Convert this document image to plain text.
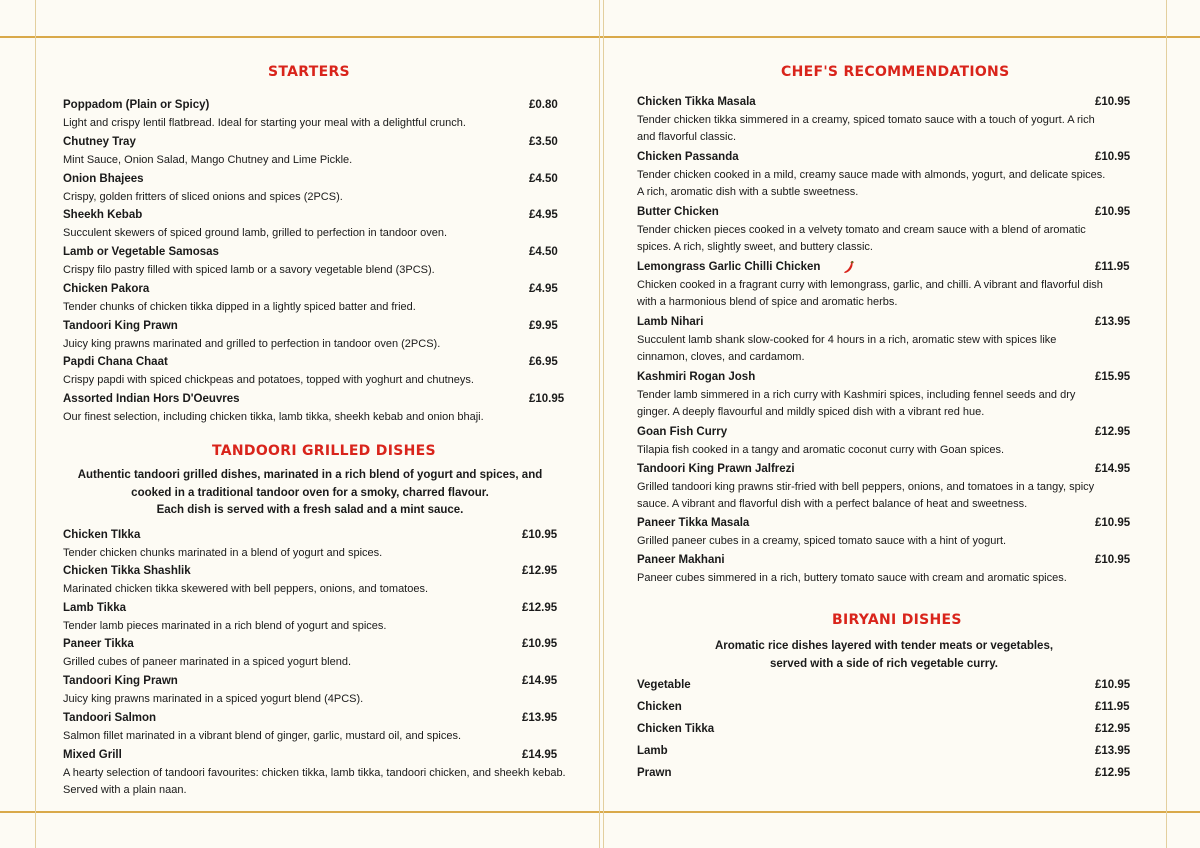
STARTERS
Poppadom (Plain or Spicy)	£0.80
Light and crispy lentil flatbread. Ideal for starting your meal with a delightful crunch.
Chutney Tray	£3.50
Mint Sauce, Onion Salad, Mango Chutney and Lime Pickle.
Onion Bhajees	£4.50
Crispy, golden fritters of sliced onions and spices (2PCS).
Sheekh Kebab	£4.95
Succulent skewers of spiced ground lamb, grilled to perfection in tandoor oven.
Lamb or Vegetable Samosas	£4.50
Crispy filo pastry filled with spiced lamb or a savory vegetable blend (3PCS).
Chicken Pakora	£4.95
Tender chunks of chicken tikka dipped in a lightly spiced batter and fried.
Tandoori King Prawn	£9.95
Juicy king prawns marinated and grilled to perfection in tandoor oven (2PCS).
Papdi Chana Chaat	£6.95
Crispy papdi with spiced chickpeas and potatoes, topped with yoghurt and chutneys.
Assorted Indian Hors D'Oeuvres	£10.95
Our finest selection, including chicken tikka, lamb tikka, sheekh kebab and onion bhaji.
TANDOORI GRILLED DISHES
Authentic tandoori grilled dishes, marinated in a rich blend of yogurt and spices, and
cooked in a traditional tandoor oven for a smoky, charred flavour.
Each dish is served with a fresh salad and a mint sauce.
Chicken TIkka	£10.95
Tender chicken chunks marinated in a blend of yogurt and spices.
Chicken Tikka Shashlik	£12.95
Marinated chicken tikka skewered with bell peppers, onions, and tomatoes.
Lamb Tikka	£12.95
Tender lamb pieces marinated in a rich blend of yogurt and spices.
Paneer Tikka	£10.95
Grilled cubes of paneer marinated in a spiced yogurt blend.
Tandoori King Prawn	£14.95
Juicy king prawns marinated in a spiced yogurt blend (4PCS).
Tandoori Salmon	£13.95
Salmon fillet marinated in a vibrant blend of ginger, garlic, mustard oil, and spices.
Mixed Grill	£14.95
A hearty selection of tandoori favourites: chicken tikka, lamb tikka, tandoori chicken, and sheekh kebab. Served with a plain naan.
CHEF'S RECOMMENDATIONS
Chicken Tikka Masala	£10.95
Tender chicken tikka simmered in a creamy, spiced tomato sauce with a touch of yogurt. A rich and flavorful classic.
Chicken Passanda	£10.95
Tender chicken cooked in a mild, creamy sauce made with almonds, yogurt, and delicate spices. A rich, aromatic dish with a subtle sweetness.
Butter Chicken	£10.95
Tender chicken pieces cooked in a velvety tomato and cream sauce with a blend of aromatic spices. A rich, slightly sweet, and buttery classic.
Lemongrass Garlic Chilli Chicken	£11.95
Chicken cooked in a fragrant curry with lemongrass, garlic, and chilli. A vibrant and flavorful dish with a harmonious blend of spice and aromatic herbs.
Lamb Nihari	£13.95
Succulent lamb shank slow-cooked for 4 hours in a rich, aromatic stew with spices like cinnamon, cloves, and cardamom.
Kashmiri Rogan Josh	£15.95
Tender lamb simmered in a rich curry with Kashmiri spices, including fennel seeds and dry ginger. A deeply flavourful and mildly spiced dish with a vibrant red hue.
Goan Fish Curry	£12.95
Tilapia fish cooked in a tangy and aromatic coconut curry with Goan spices.
Tandoori King Prawn Jalfrezi	£14.95
Grilled tandoori king prawns stir-fried with bell peppers, onions, and tomatoes in a tangy, spicy sauce. A vibrant and flavorful dish with a perfect balance of heat and sweetness.
Paneer Tikka Masala	£10.95
Grilled paneer cubes in a creamy, spiced tomato sauce with a hint of yogurt.
Paneer Makhani	£10.95
Paneer cubes simmered in a rich, buttery tomato sauce with cream and aromatic spices.
BIRYANI DISHES
Aromatic rice dishes layered with tender meats or vegetables,
served with a side of rich vegetable curry.
Vegetable	£10.95
Chicken	£11.95
Chicken Tikka	£12.95
Lamb	£13.95
Prawn	£12.95
